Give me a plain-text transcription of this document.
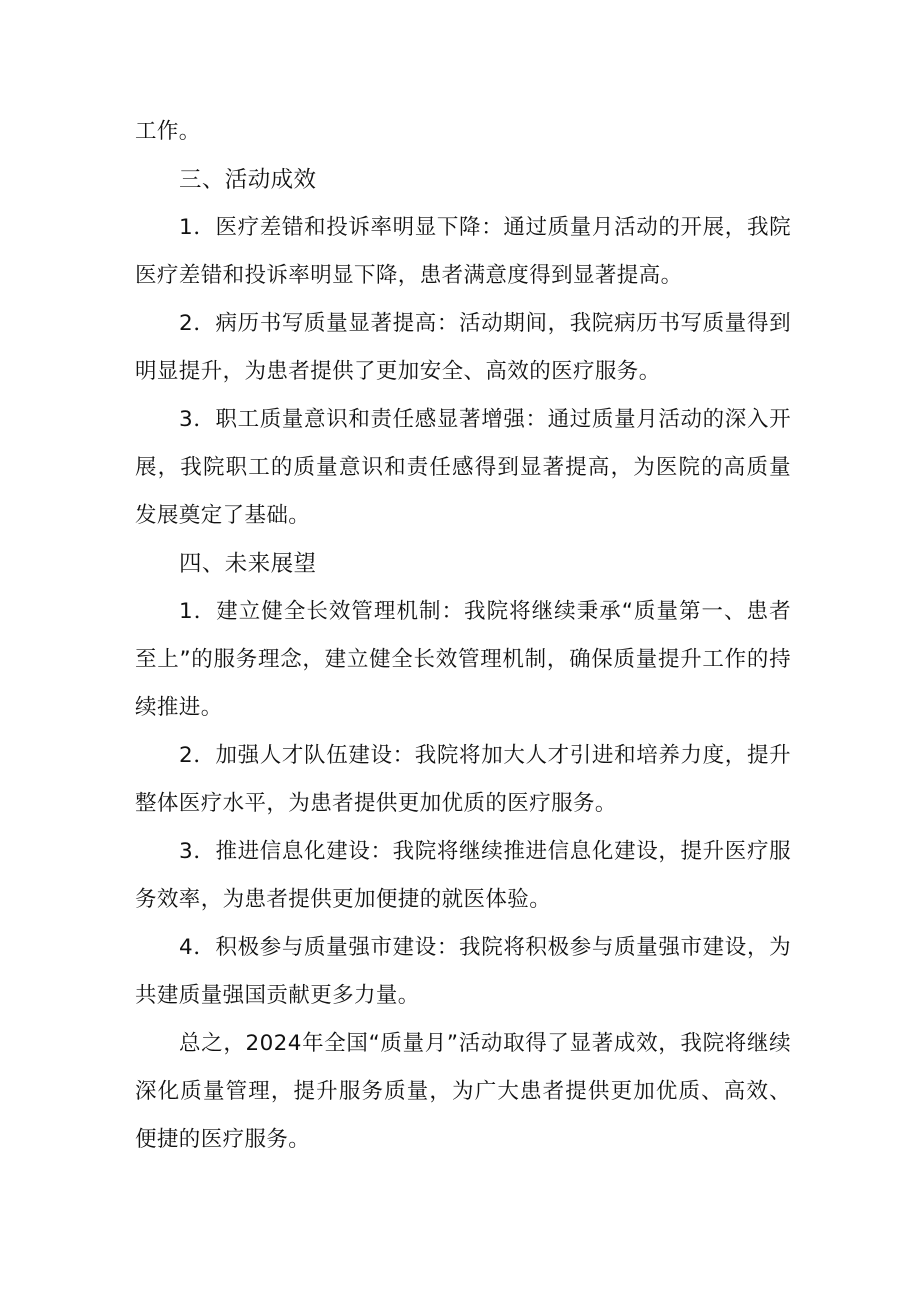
工作。

三、活动成效

1．医疗差错和投诉率明显下降：通过质量月活动的开展，我院医疗差错和投诉率明显下降，患者满意度得到显著提高。

2．病历书写质量显著提高：活动期间，我院病历书写质量得到明显提升，为患者提供了更加安全、高效的医疗服务。

3．职工质量意识和责任感显著增强：通过质量月活动的深入开展，我院职工的质量意识和责任感得到显著提高，为医院的高质量发展奠定了基础。

四、未来展望

1．建立健全长效管理机制：我院将继续秉承“质量第一、患者至上”的服务理念，建立健全长效管理机制，确保质量提升工作的持续推进。

2．加强人才队伍建设：我院将加大人才引进和培养力度，提升整体医疗水平，为患者提供更加优质的医疗服务。

3．推进信息化建设：我院将继续推进信息化建设，提升医疗服务效率，为患者提供更加便捷的就医体验。

4．积极参与质量强市建设：我院将积极参与质量强市建设，为共建质量强国贡献更多力量。

总之，2024年全国“质量月”活动取得了显著成效，我院将继续深化质量管理，提升服务质量，为广大患者提供更加优质、高效、便捷的医疗服务。
